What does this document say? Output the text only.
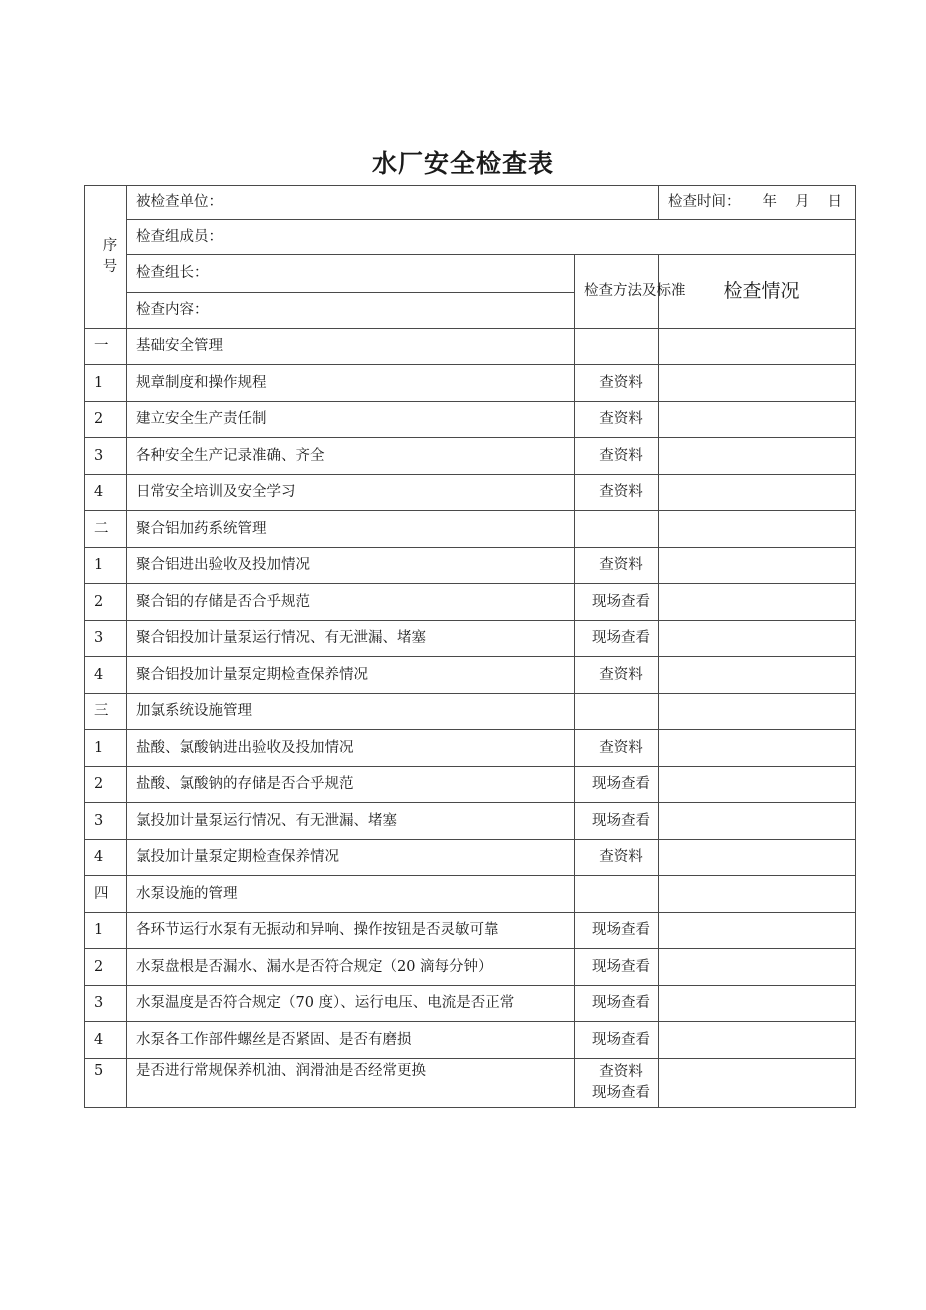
水厂安全检查表
序
号	被检查单位：		检查时间： 年 月 日
	检查组成员：		
	检查组长：	检查方法及标准	检查情况
	检查内容：		
一	基础安全管理		
1	规章制度和操作规程	查资料	
2	建立安全生产责任制	查资料	
3	各种安全生产记录准确、齐全	查资料	
4	日常安全培训及安全学习	查资料	
二	聚合铝加药系统管理		
1	聚合铝进出验收及投加情况	查资料	
2	聚合铝的存储是否合乎规范	现场查看	
3	聚合铝投加计量泵运行情况、有无泄漏、堵塞	现场查看	
4	聚合铝投加计量泵定期检查保养情况	查资料	
三	加氯系统设施管理		
1	盐酸、氯酸钠进出验收及投加情况	查资料	
2	盐酸、氯酸钠的存储是否合乎规范	现场查看	
3	氯投加计量泵运行情况、有无泄漏、堵塞	现场查看	
4	氯投加计量泵定期检查保养情况	查资料	
四	水泵设施的管理		
1	各环节运行水泵有无振动和异响、操作按钮是否灵敏可靠	现场查看	
2	水泵盘根是否漏水、漏水是否符合规定（20 滴每分钟）	现场查看	
3	水泵温度是否符合规定（70 度）、运行电压、电流是否正常	现场查看	
4	水泵各工作部件螺丝是否紧固、是否有磨损	现场查看	
5	是否进行常规保养机油、润滑油是否经常更换	查资料
现场查看	
